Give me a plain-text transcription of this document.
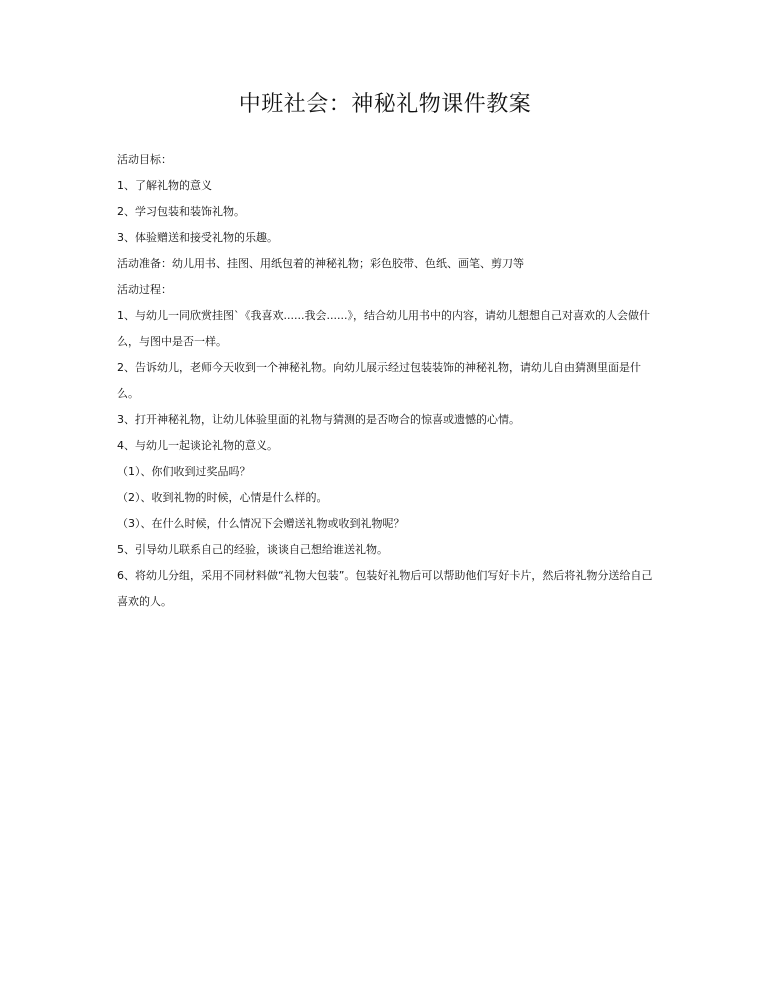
中班社会：神秘礼物课件教案
活动目标：
1、了解礼物的意义
2、学习包装和装饰礼物。
3、体验赠送和接受礼物的乐趣。
活动准备：幼儿用书、挂图、用纸包着的神秘礼物；彩色胶带、色纸、画笔、剪刀等
活动过程：
1、与幼儿一同欣赏挂图`《我喜欢......我会......》，结合幼儿用书中的内容，请幼儿想想自己对喜欢的人会做什么，与图中是否一样。
2、告诉幼儿，老师今天收到一个神秘礼物。向幼儿展示经过包装装饰的神秘礼物，请幼儿自由猜测里面是什么。
3、打开神秘礼物，让幼儿体验里面的礼物与猜测的是否吻合的惊喜或遗憾的心情。
4、与幼儿一起谈论礼物的意义。
（1）、你们收到过奖品吗？
（2）、收到礼物的时候，心情是什么样的。
（3）、在什么时候，什么情况下会赠送礼物或收到礼物呢？
5、引导幼儿联系自己的经验，谈谈自己想给谁送礼物。
6、将幼儿分组，采用不同材料做“礼物大包装”。包装好礼物后可以帮助他们写好卡片，然后将礼物分送给自己喜欢的人。
